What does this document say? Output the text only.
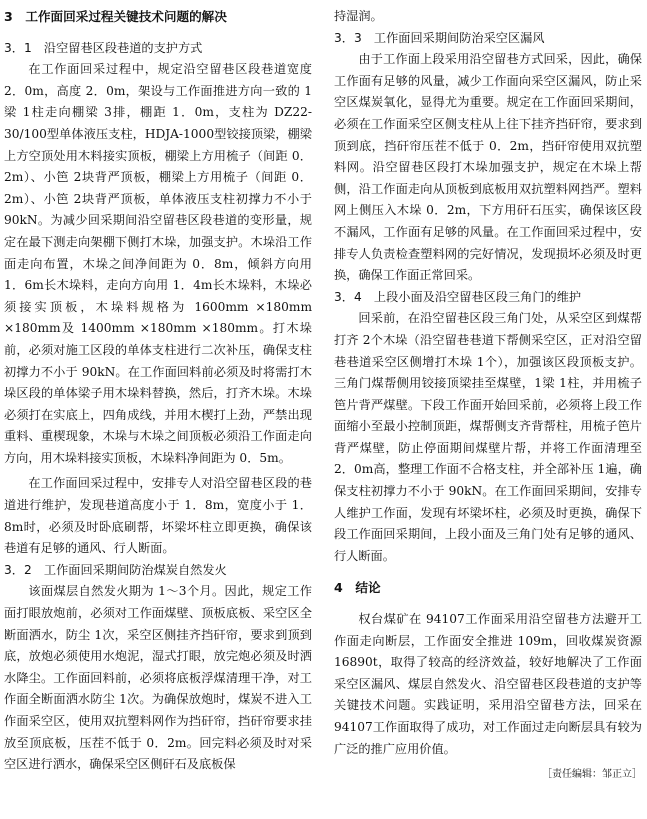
3　工作面回采过程关键技术问题的解决
3．1　沿空留巷区段巷道的支护方式

在工作面回采过程中，规定沿空留巷区段巷道宽度 2．0m，高度 2．0m，架设与工作面推进方向一致的 1梁 1柱走向棚梁 3排，棚距 1．0m，支柱为 DZ22-30/100型单体液压支柱，HDJA-1000型铰接顶梁，棚梁上方空顶处用木料接实顶板，棚梁上方用梳子（间距 0．2m）、小笆 2块背严顶板，棚梁上方用梳子（间距 0．2m）、小笆 2块背严顶板，单体液压支柱初撑力不小于 90kN。为减少回采期间沿空留巷区段巷道的变形量，规定在最下测走向架棚下侧打木垛，加强支护。木垛沿工作面走向布置，木垛之间净间距为 0．8m，倾斜方向用 1．6m长木垛料，走向方向用 1．4m长木垛料，木垛必须接实顶板，木垛料规格为 1600mm ×180mm ×180mm及 1400mm ×180mm ×180mm。打木垛前，必须对施工区段的单体支柱进行二次补压，确保支柱初撑力不小于 90kN。在工作面回料前必须及时将需打木垛区段的单体梁子用木垛料替换，然后，打齐木垛。木垛必须打在实底上，四角成线，并用木楔打上劲，严禁出现重料、重楔现象，木垛与木垛之间顶板必须沿工作面走向方向，用木垛料接实顶板，木垛料净间距为 0．5m。

在工作面回采过程中，安排专人对沿空留巷区段的巷道进行维护，发现巷道高度小于 1．8m，宽度小于 1．8m时，必须及时卧底刷帮，坏梁坏柱立即更换，确保该巷道有足够的通风、行人断面。

3．2　工作面回采期间防治煤炭自然发火

该面煤层自然发火期为 1～3个月。因此，规定工作面打眼放炮前，必须对工作面煤壁、顶板底板、采空区全断面洒水，防尘 1次，采空区侧挂齐挡矸帘，要求到顶到底，放炮必须使用水炮泥，湿式打眼，放完炮必须及时洒水降尘。工作面回料前，必须将底板浮煤清理干净，对工作面全断面洒水防尘 1次。为确保放炮时，煤炭不进入工作面采空区，使用双抗塑料网作为挡矸帘，挡矸帘要求挂放至顶底板，压茬不低于 0．2m。回完料必须及时对采空区进行洒水，确保采空区侧矸石及底板保

持湿润。

3．3　工作面回采期间防治采空区漏风

由于工作面上段采用沿空留巷方式回采，因此，确保工作面有足够的风量，减少工作面向采空区漏风，防止采空区煤炭氧化，显得尤为重要。规定在工作面回采期间，必须在工作面采空区侧支柱从上往下挂齐挡矸帘，要求到顶到底，挡矸帘压茬不低于 0．2m，挡矸帘使用双抗塑料网。沿空留巷区段打木垛加强支护，规定在木垛上帮侧，沿工作面走向从顶板到底板用双抗塑料网挡严。塑料网上侧压入木垛 0．2m，下方用矸石压实，确保该区段不漏风，工作面有足够的风量。在工作面回采过程中，安排专人负责检查塑料网的完好情况，发现损坏必须及时更换，确保工作面正常回采。

3．4　上段小面及沿空留巷区段三角门的维护

回采前，在沿空留巷区段三角门处，从采空区到煤帮打齐 2个木垛（沿空留巷巷道下帮侧采空区，正对沿空留巷巷道采空区侧增打木垛 1个），加强该区段顶板支护。三角门煤帮侧用铰接顶梁挂至煤壁，1梁 1柱，并用梳子笆片背严煤壁。下段工作面开始回采前，必须将上段工作面缩小至最小控制顶距，煤帮侧支齐背帮柱，用梳子笆片背严煤壁，防止停面期间煤壁片帮，并将工作面清理至 2．0m高，整理工作面不合格支柱，并全部补压 1遍，确保支柱初撑力不小于 90kN。在工作面回采期间，安排专人维护工作面，发现有坏梁坏柱，必须及时更换，确保下段工作面回采期间，上段小面及三角门处有足够的通风、行人断面。

4　结论

权台煤矿在 94107工作面采用沿空留巷方法避开工作面走向断层，工作面安全推进 109m，回收煤炭资源 16890t，取得了较高的经济效益，较好地解决了工作面采空区漏风、煤层自然发火、沿空留巷区段巷道的支护等关键技术问题。实践证明，采用沿空留巷方法，回采在 94107工作面取得了成功，对工作面过走向断层具有较为广泛的推广应用价值。

［责任编辑：邹正立］
